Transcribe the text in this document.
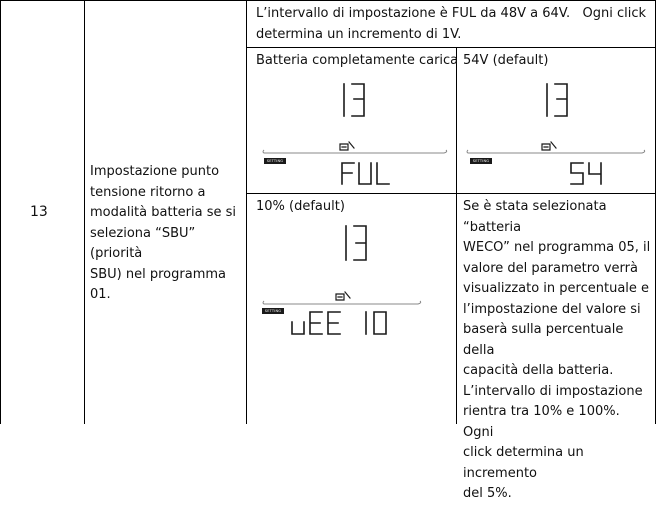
13
Impostazione punto
tensione ritorno a
modalità batteria se si
seleziona “SBU” (priorità
SBU) nel programma 01.
L’intervallo di impostazione è FUL da 48V a 64V.   Ogni click
determina un incremento di 1V.
Batteria completamente carica
SETTING
54V (default)
SETTING
10% (default)
SETTING
Se è stata selezionata “batteria
WECO” nel programma 05, il
valore del parametro verrà
visualizzato in percentuale e
l’impostazione del valore si
baserà sulla percentuale della
capacità della batteria.
L’intervallo di impostazione
rientra tra 10% e 100%. Ogni
click determina un incremento
del 5%.
